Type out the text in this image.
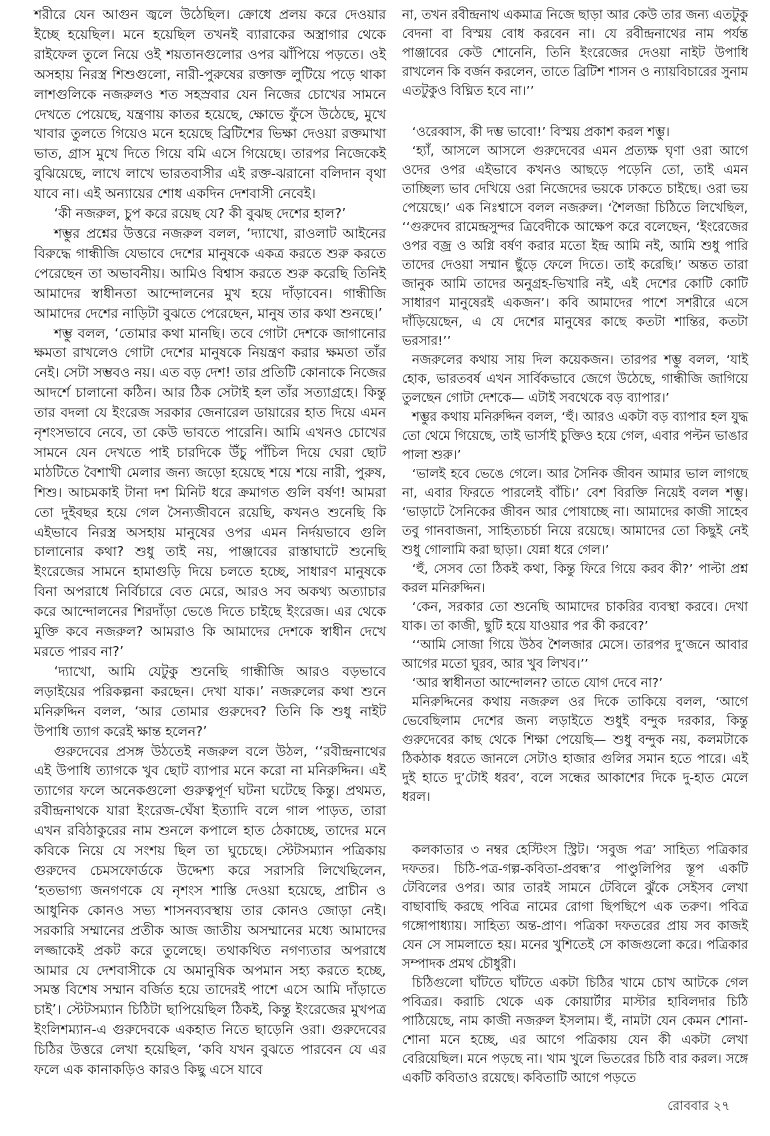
শরীরে যেন আগুন জ্বলে উঠেছিল। ক্রোধে প্রলয় করে দেওয়ার ইচ্ছে হয়েছিল। মনে হয়েছিল তখনই ব্যারাকের অস্ত্রাগার থেকে রাইফেল তুলে নিয়ে ওই শয়তানগুলোর ওপর ঝাঁপিয়ে পড়তে। ওই অসহায় নিরস্ত্র শিশুগুলো, নারী-পুরুষের রক্তাক্ত লুটিয়ে পড়ে থাকা লাশগুলিকে নজরুলও শত সহস্রবার যেন নিজের চোখের সামনে দেখতে পেয়েছে, যন্ত্রণায় কাতর হয়েছে, ক্ষোভে ফুঁসে উঠেছে, মুখে খাবার তুলতে গিয়েও মনে হয়েছে ব্রিটিশের ভিক্ষা দেওয়া রক্তমাখা ভাত, গ্রাস মুখে দিতে গিয়ে বমি এসে গিয়েছে। তারপর নিজেকেই বুঝিয়েছে, লাখে লাখে ভারতবাসীর এই রক্ত-ঝরানো বলিদান বৃথা যাবে না। এই অন্যায়ের শোধ একদিন দেশবাসী নেবেই।

‘কী নজরুল, চুপ করে রয়েছ যে? কী বুঝছ দেশের হাল?’

শম্ভুর প্রশ্নের উত্তরে নজরুল বলল, ‘দ্যাখো, রাওলাট আইনের বিরুদ্ধে গান্ধীজি যেভাবে দেশের মানুষকে একত্র করতে শুরু করতে পেরেছেন তা অভাবনীয়। আমিও বিশ্বাস করতে শুরু করেছি তিনিই আমাদের স্বাধীনতা আন্দোলনের মুখ হয়ে দাঁড়াবেন। গান্ধীজি আমাদের দেশের নাড়িটা বুঝতে পেরেছেন, মানুষ তার কথা শুনছে।’

শম্ভু বলল, ‘তোমার কথা মানছি। তবে গোটা দেশকে জাগানোর ক্ষমতা রাখলেও গোটা দেশের মানুষকে নিয়ন্ত্রণ করার ক্ষমতা তাঁর নেই। সেটা সম্ভবও নয়। এত বড় দেশ! তার প্রতিটি কোনাকে নিজের আদর্শে চালানো কঠিন। আর ঠিক সেটাই হল তাঁর সত্যাগ্রহে। কিন্তু তার বদলা যে ইংরেজ সরকার জেনারেল ডায়ারের হাত দিয়ে এমন নৃশংসভাবে নেবে, তা কেউ ভাবতে পারেনি। আমি এখনও চোখের সামনে যেন দেখতে পাই চারদিকে উঁচু পাঁচিল দিয়ে ঘেরা ছোট মাঠটিতে বৈশাখী মেলার জন্য জড়ো হয়েছে শয়ে শয়ে নারী, পুরুষ, শিশু। আচমকাই টানা দশ মিনিট ধরে ক্রমাগত গুলি বর্ষণ! আমরা তো দুইবছর হয়ে গেল সৈন্যজীবনে রয়েছি, কখনও শুনেছি কি এইভাবে নিরস্ত্র অসহায় মানুষের ওপর এমন নির্দয়ভাবে গুলি চালানোর কথা? শুধু তাই নয়, পাঞ্জাবের রাস্তাঘাটে শুনেছি ইংরেজের সামনে হামাগুড়ি দিয়ে চলতে হচ্ছে, সাধারণ মানুষকে বিনা অপরাধে নির্বিচারে বেত মেরে, আরও সব অকথ্য অত্যাচার করে আন্দোলনের শিরদাঁড়া ভেঙে দিতে চাইছে ইংরেজ। এর থেকে মুক্তি কবে নজরুল? আমরাও কি আমাদের দেশকে স্বাধীন দেখে মরতে পারব না?’

‘দ্যাখো, আমি যেটুকু শুনেছি গান্ধীজি আরও বড়ভাবে লড়াইয়ের পরিকল্পনা করছেন। দেখা যাক।’ নজরুলের কথা শুনে মনিরুদ্দিন বলল, ‘আর তোমার গুরুদেব? তিনি কি শুধু নাইট উপাধি ত্যাগ করেই ক্ষান্ত হলেন?’

গুরুদেবের প্রসঙ্গ উঠতেই নজরুল বলে উঠল, ‘‘রবীন্দ্রনাথের এই উপাধি ত্যাগকে খুব ছোট ব্যাপার মনে করো না মনিরুদ্দিন। এই ত্যাগের ফলে অনেকগুলো গুরুত্বপূর্ণ ঘটনা ঘটেছে কিন্তু। প্রথমত, রবীন্দ্রনাথকে যারা ইংরেজ-ঘেঁষা ইত্যাদি বলে গাল পাড়ত, তারা এখন রবিঠাকুরের নাম শুনলে কপালে হাত ঠেকাচ্ছে, তাদের মনে কবিকে নিয়ে যে সংশয় ছিল তা ঘুচেছে। স্টেটসম্যান পত্রিকায় গুরুদেব চেমসফোর্ডকে উদ্দেশ্য করে সরাসরি লিখেছিলেন, ‘হতভাগ্য জনগণকে যে নৃশংস শাস্তি দেওয়া হয়েছে, প্রাচীন ও আধুনিক কোনও সভ্য শাসনব্যবস্থায় তার কোনও জোড়া নেই। সরকারি সম্মানের প্রতীক আজ জাতীয় অসম্মানের মধ্যে আমাদের লজ্জাকেই প্রকট করে তুলেছে। তথাকথিত নগণ্যতার অপরাধে আমার যে দেশবাসীকে যে অমানুষিক অপমান সহ্য করতে হচ্ছে, সমস্ত বিশেষ সম্মান বর্জিত হয়ে তাদেরই পাশে এসে আমি দাঁড়াতে চাই’। স্টেটসম্যান চিঠিটা ছাপিয়েছিল ঠিকই, কিন্তু ইংরেজের মুখপত্র ইংলিশম্যান-এ গুরুদেবকে একহাত নিতে ছাড়েনি ওরা। গুরুদেবের চিঠির উত্তরে লেখা হয়েছিল, ‘কবি যখন বুঝতে পারবেন যে এর ফলে এক কানাকড়িও কারও কিছু এসে যাবে

না, তখন রবীন্দ্রনাথ একমাত্র নিজে ছাড়া আর কেউ তার জন্য এতটুকু বেদনা বা বিস্ময় বোধ করবেন না। যে রবীন্দ্রনাথের নাম পর্যন্ত পাঞ্জাবের কেউ শোনেনি, তিনি ইংরেজের দেওয়া নাইট উপাধি রাখলেন কি বর্জন করলেন, তাতে ব্রিটিশ শাসন ও ন্যায়বিচারের সুনাম এতটুকুও বিঘ্নিত হবে না।’’

‘ওরেব্বাস, কী দম্ভ ভাবো!’ বিস্ময় প্রকাশ করল শম্ভু।

‘হ্যাঁ, আসলে আসলে গুরুদেবের এমন প্রত্যক্ষ ঘৃণা ওরা আগে ওদের ওপর এইভাবে কখনও আছড়ে পড়েনি তো, তাই এমন তাচ্ছিল্য ভাব দেখিয়ে ওরা নিজেদের ভয়কে ঢাকতে চাইছে। ওরা ভয় পেয়েছে।’ এক নিঃশ্বাসে বলল নজরুল। ‘শৈলজা চিঠিতে লিখেছিল, ‘‘গুরুদেব রামেন্দ্রসুন্দর ত্রিবেদীকে আক্ষেপ করে বলেছেন, ‘ইংরেজের ওপর বজ্র ও অগ্নি বর্ষণ করার মতো ইন্দ্র আমি নই, আমি শুধু পারি তাদের দেওয়া সম্মান ছুঁড়ে ফেলে দিতে। তাই করেছি।’ অন্তত তারা জানুক আমি তাদের অনুগ্রহ-ভিখারি নই, এই দেশের কোটি কোটি সাধারণ মানুষেরই একজন’। কবি আমাদের পাশে সশরীরে এসে দাঁড়িয়েছেন, এ যে দেশের মানুষের কাছে কতটা শান্তির, কতটা ভরসার!’’

নজরুলের কথায় সায় দিল কয়েকজন। তারপর শম্ভু বলল, ‘যাই হোক, ভারতবর্ষ এখন সার্বিকভাবে জেগে উঠেছে, গান্ধীজি জাগিয়ে তুলছেন গোটা দেশকে— এটাই সবথেকে বড় ব্যাপার।’

শম্ভুর কথায় মনিরুদ্দিন বলল, ‘হুঁ। আরও একটা বড় ব্যাপার হল যুদ্ধ তো থেমে গিয়েছে, তাই ভার্সাই চুক্তিও হয়ে গেল, এবার পল্টন ভাঙার পালা শুরু।’

‘ভালই হবে ভেঙে গেলে। আর সৈনিক জীবন আমার ভাল লাগছে না, এবার ফিরতে পারলেই বাঁচি।’ বেশ বিরক্তি নিয়েই বলল শম্ভু। ‘ভাড়াটে সৈনিকের জীবন আর পোষাচ্ছে না। আমাদের কাজী সাহেব তবু গানবাজনা, সাহিত্যচর্চা নিয়ে রয়েছে। আমাদের তো কিছুই নেই শুধু গোলামি করা ছাড়া। যেন্না ধরে গেল।’

‘হুঁ, সেসব তো ঠিকই কথা, কিন্তু ফিরে গিয়ে করব কী?’ পাল্টা প্রশ্ন করল মনিরুদ্দিন।

‘কেন, সরকার তো শুনেছি আমাদের চাকরির ব্যবস্থা করবে। দেখা যাক। তা কাজী, ছুটি হয়ে যাওয়ার পর কী করবে?’

‘‘আমি সোজা গিয়ে উঠব শৈলজার মেসে। তারপর দু’জনে আবার আগের মতো ঘুরব, আর খুব লিখব।’’

‘আর স্বাধীনতা আন্দোলন? তাতে যোগ দেবে না?’

মনিরুদ্দিনের কথায় নজরুল ওর দিকে তাকিয়ে বলল, ‘আগে ভেবেছিলাম দেশের জন্য লড়াইতে শুধুই বন্দুক দরকার, কিন্তু গুরুদেবের কাছ থেকে শিক্ষা পেয়েছি— শুধু বন্দুক নয়, কলমটাকে ঠিকঠাক ধরতে জানলে সেটাও হাজার গুলির সমান হতে পারে। এই দুই হাতে দু’টোই ধরব’, বলে সন্ধের আকাশের দিকে দু-হাত মেলে ধরল।

কলকাতার ৩ নম্বর হেস্টিংস স্ট্রিট। ‘সবুজ পত্র’ সাহিত্য পত্রিকার দফতর। চিঠি-পত্র-গল্প-কবিতা-প্রবন্ধ’র পাণ্ডুলিপির স্তূপ একটি টেবিলের ওপর। আর তারই সামনে টেবিলে ঝুঁকে সেইসব লেখা বাছাবাছি করছে পবিত্র নামের রোগা ছিপছিপে এক তরুণ। পবিত্র গঙ্গোপাধ্যায়। সাহিত্য অন্ত-প্রাণ। পত্রিকা দফতরের প্রায় সব কাজই যেন সে সামলাতে হয়। মনের খুশিতেই সে কাজগুলো করে। পত্রিকার সম্পাদক প্রমথ চৌধুরী।

চিঠিগুলো ঘাঁটতে ঘাঁটতে একটা চিঠির খামে চোখ আটকে গেল পবিত্রর। করাচি থেকে এক কোয়ার্টার মাস্টার হাবিলদার চিঠি পাঠিয়েছে, নাম কাজী নজরুল ইসলাম। হুঁ, নামটা যেন কেমন শোনা-শোনা মনে হচ্ছে, এর আগে পত্রিকায় যেন কী একটা লেখা বেরিয়েছিল। মনে পড়ছে না। খাম খুলে ভিতরের চিঠি বার করল। সঙ্গে একটি কবিতাও রয়েছে। কবিতাটি আগে পড়তে

রোববার ২৭
